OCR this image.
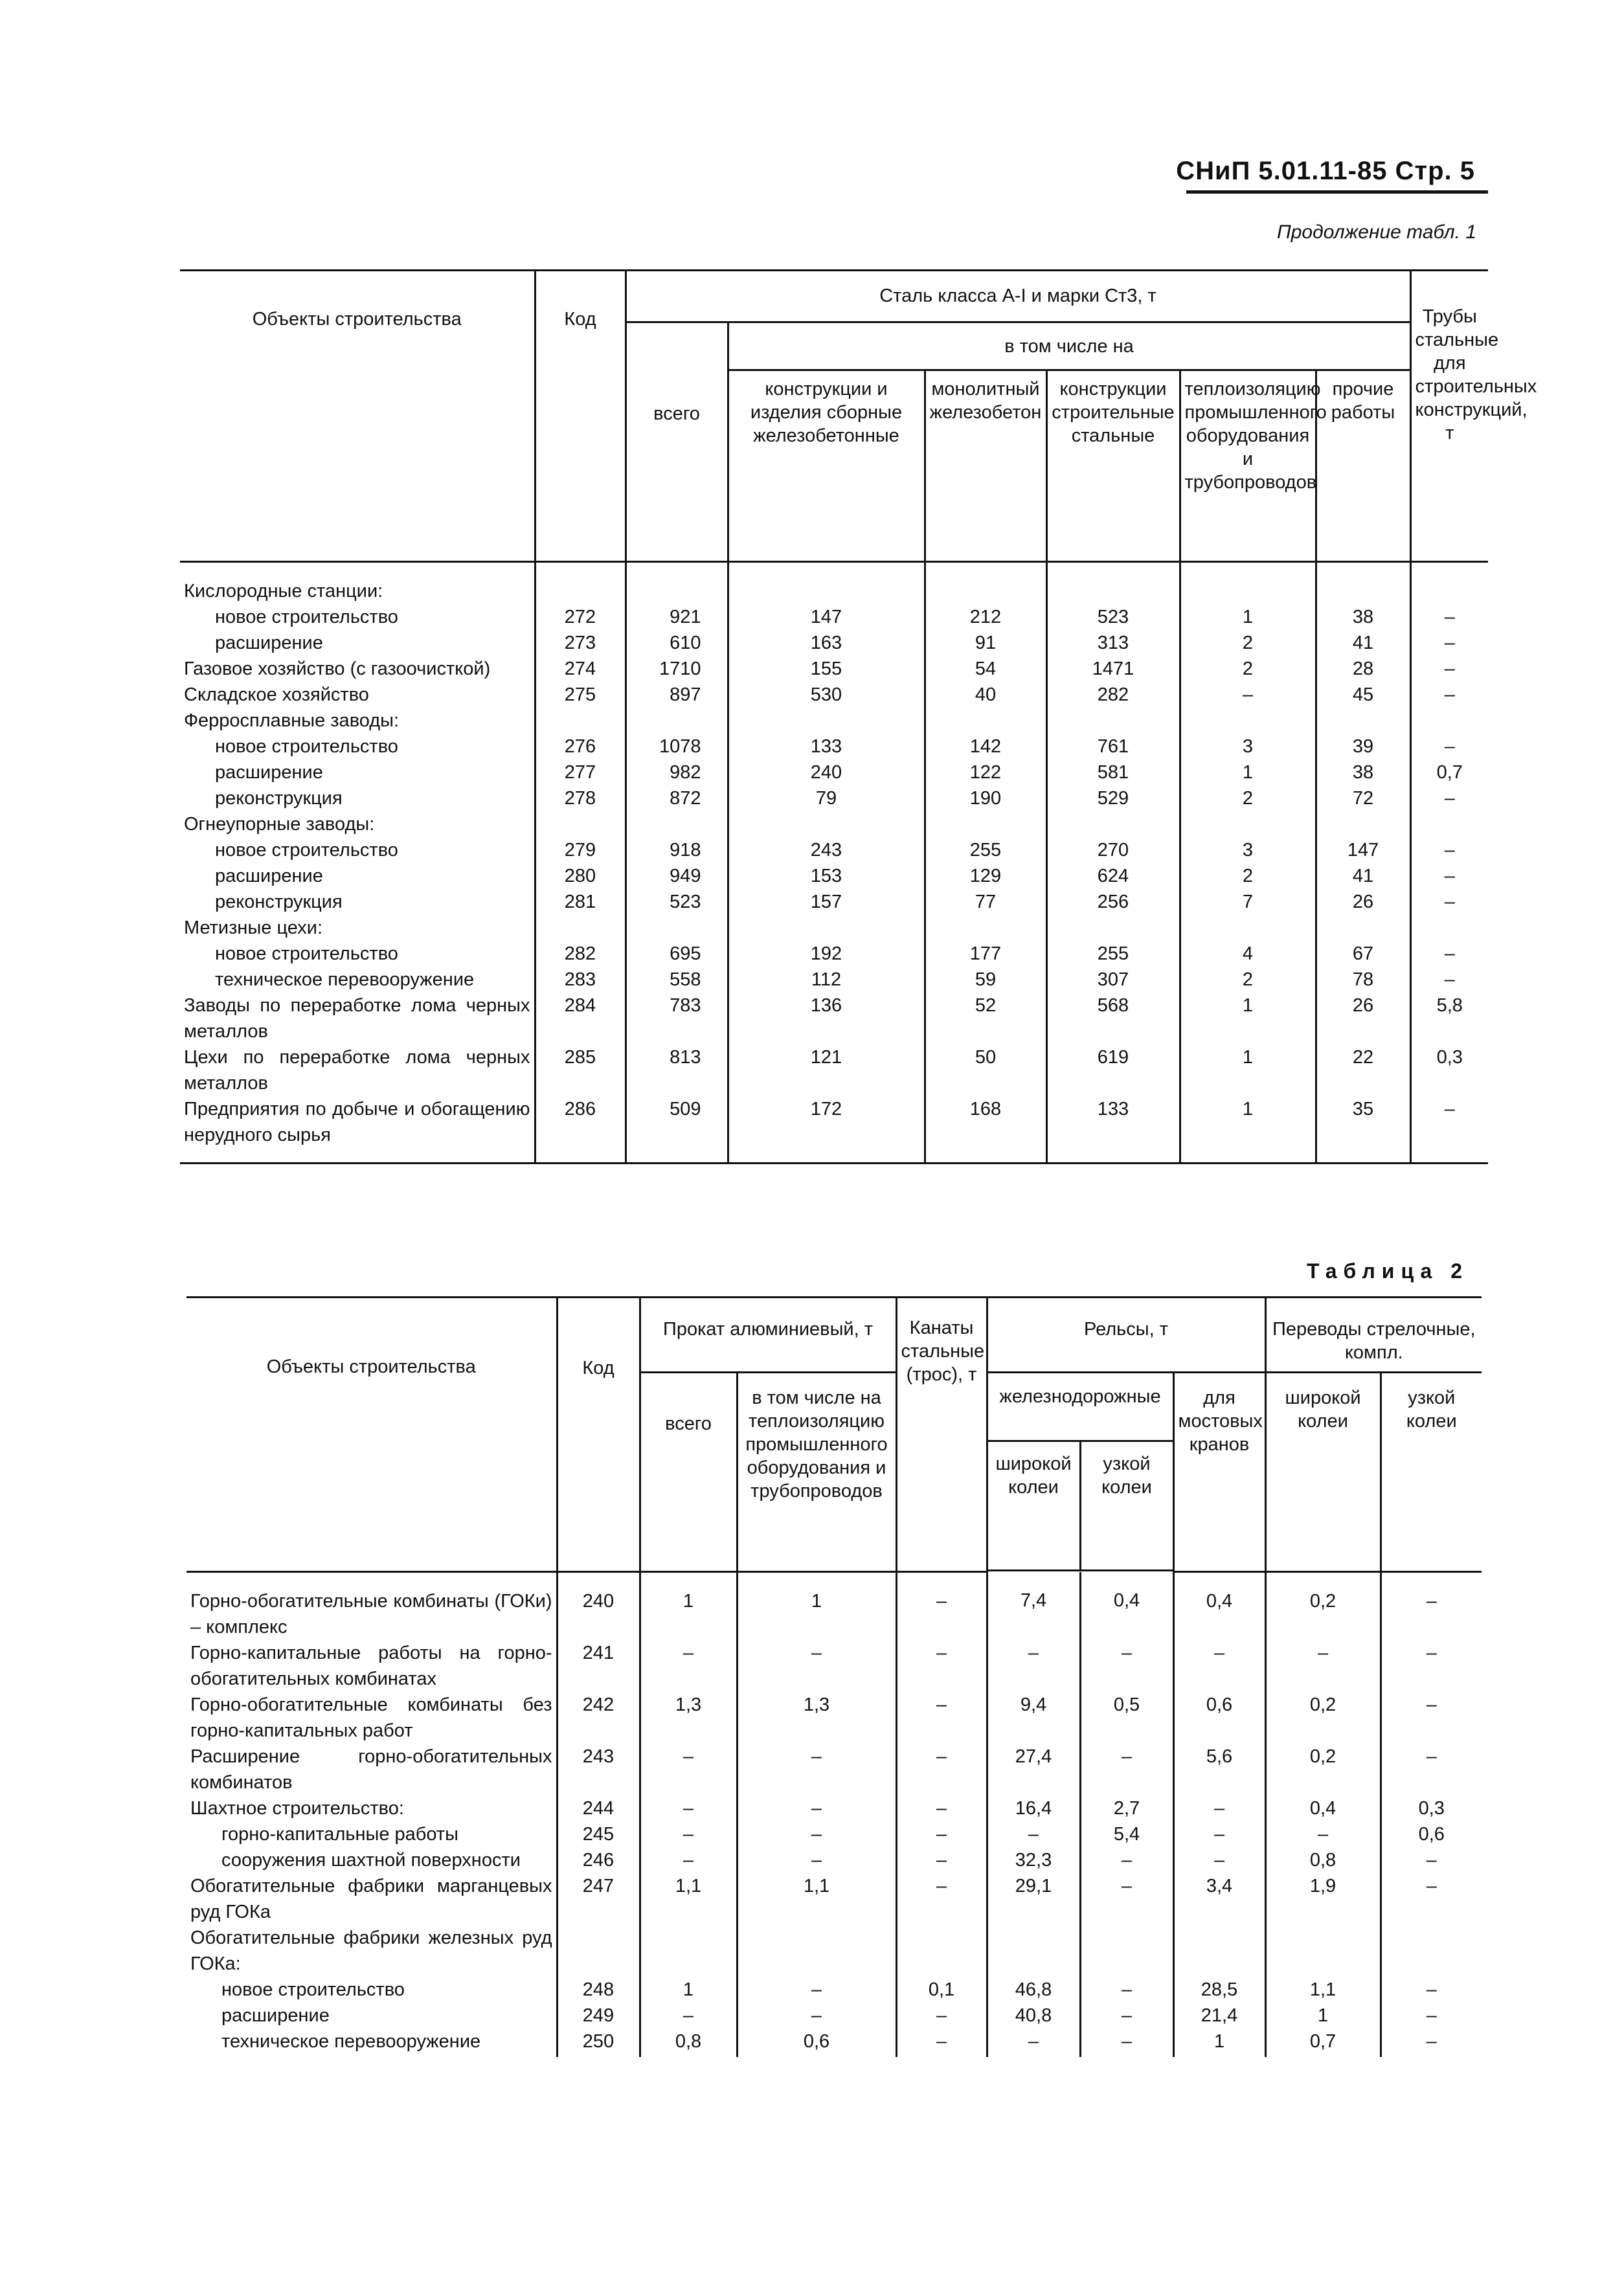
СНиП 5.01.11-85 Стр. 5
Продолжение табл. 1
Объекты строительства	Код	Сталь класса A-I и марки Ст3, т						Трубы стальные для строительных конструкций, т
		всего	в том числе на					
			конструкции и изделия сборные железобетонные	монолитный железобетон	конструкции строительные стальные	теплоизоляцию промышленного оборудования и трубопроводов	прочие работы	
Кислородные станции:								
новое строительство	272	921	147	212	523	1	38	–
расширение	273	610	163	91	313	2	41	–
Газовое хозяйство (с газоочисткой)	274	1710	155	54	1471	2	28	–
Складское хозяйство	275	897	530	40	282	–	45	–
Ферросплавные заводы:								
новое строительство	276	1078	133	142	761	3	39	–
расширение	277	982	240	122	581	1	38	0,7
реконструкция	278	872	79	190	529	2	72	–
Огнеупорные заводы:								
новое строительство	279	918	243	255	270	3	147	–
расширение	280	949	153	129	624	2	41	–
реконструкция	281	523	157	77	256	7	26	–
Метизные цехи:								
новое строительство	282	695	192	177	255	4	67	–
техническое перевооружение	283	558	112	59	307	2	78	–
Заводы по переработке лома черных металлов	284	783	136	52	568	1	26	5,8
Цехи по переработке лома черных металлов	285	813	121	50	619	1	22	0,3
Предприятия по добыче и обогащению нерудного сырья	286	509	172	168	133	1	35	–
Таблица 2
Объекты строительства	Код	Прокат алюминиевый, т		Канаты стальные (трос), т	Рельсы, т			Переводы стрелочные, компл.	
		всего	в том числе на теплоизоляцию промышленного оборудования и трубопроводов		железнодорожные		для мостовых кранов	широкой колеи	узкой колеи
					широкой колеи	узкой колеи			

Горно-обогатительные комбинаты (ГОКи) – комплекс	240	1	1	–	7,4	0,4	0,4	0,2	–
Горно-капитальные работы на горно-обогатительных комбинатах	241	–	–	–	–	–	–	–	–
Горно-обогатительные комбинаты без горно-капитальных работ	242	1,3	1,3	–	9,4	0,5	0,6	0,2	–
Расширение горно-обогатительных комбинатов	243	–	–	–	27,4	–	5,6	0,2	–
Шахтное строительство:	244	–	–	–	16,4	2,7	–	0,4	0,3
горно-капитальные работы	245	–	–	–	–	5,4	–	–	0,6
сооружения шахтной поверхности	246	–	–	–	32,3	–	–	0,8	–
Обогатительные фабрики марганцевых руд ГОКа	247	1,1	1,1	–	29,1	–	3,4	1,9	–
Обогатительные фабрики железных руд ГОКа:									
новое строительство	248	1	–	0,1	46,8	–	28,5	1,1	–
расширение	249	–	–	–	40,8	–	21,4	1	–
техническое перевооружение	250	0,8	0,6	–	–	–	1	0,7	–
